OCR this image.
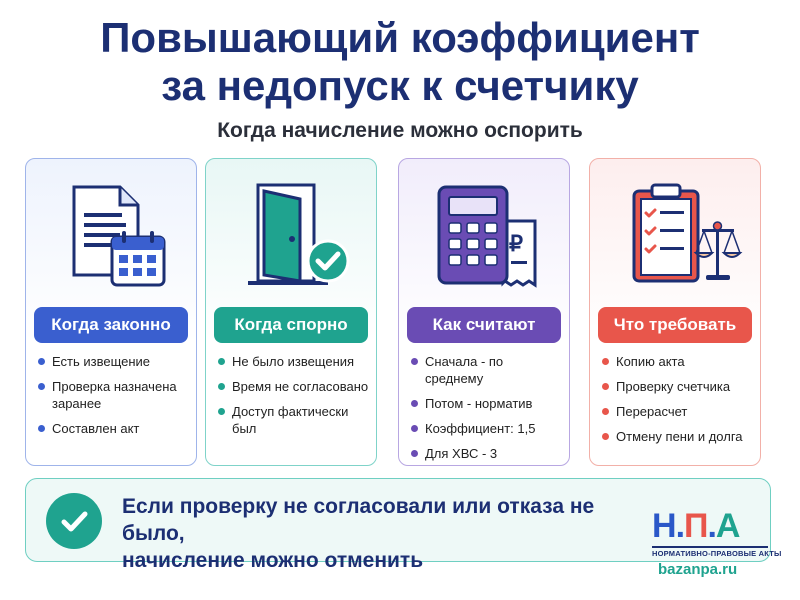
Повышающий коэффициент
за недопуск к счетчику
Когда начисление можно оспорить
Когда законно
Есть извещение
Проверка назначена заранее
Составлен акт
Когда спорно
Не было извещения
Время не согласовано
Доступ фактически был
₽
Как считают
Сначала - по среднему
Потом - норматив
Коэффициент: 1,5
Для ХВС - 3
Что требовать
Копию акта
Проверку счетчика
Перерасчет
Отмену пени и долга
Если проверку не согласовали или отказа не было,
начисление можно отменить
Н.П.А
НОРМАТИВНО-ПРАВОВЫЕ АКТЫ
bazanpa.ru
